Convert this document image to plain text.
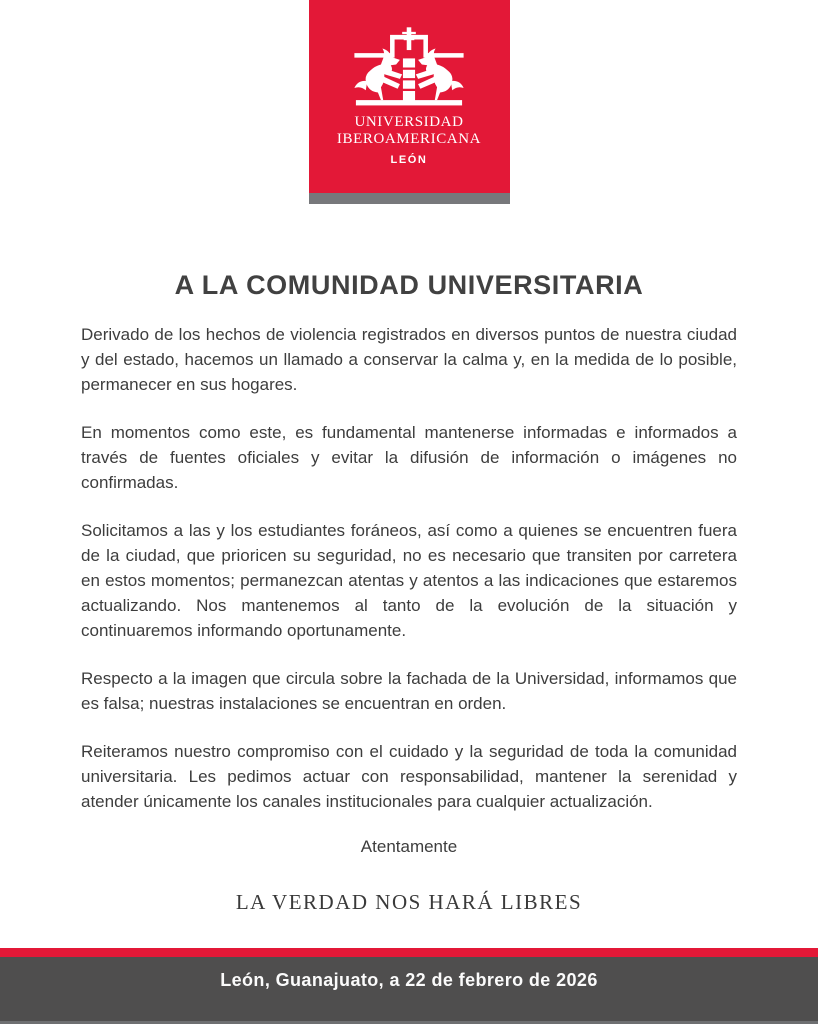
UNIVERSIDAD
IBEROAMERICANA
LEÓN
A LA COMUNIDAD UNIVERSITARIA

Derivado de los hechos de violencia registrados en diversos puntos de nuestra ciudad y del estado, hacemos un llamado a conservar la calma y, en la medida de lo posible, permanecer en sus hogares.

En momentos como este, es fundamental mantenerse informadas e informados a través de fuentes oficiales y evitar la difusión de información o imágenes no confirmadas.

Solicitamos a las y los estudiantes foráneos, así como a quienes se encuentren fuera de la ciudad, que prioricen su seguridad, no es necesario que transiten por carretera en estos momentos; permanezcan atentas y atentos a las indicaciones que estaremos actualizando. Nos mantenemos al tanto de la evolución de la situación y continuaremos informando oportunamente.

Respecto a la imagen que circula sobre la fachada de la Universidad, informamos que es falsa; nuestras instalaciones se encuentran en orden.

Reiteramos nuestro compromiso con el cuidado y la seguridad de toda la comunidad universitaria. Les pedimos actuar con responsabilidad, mantener la serenidad y atender únicamente los canales institucionales para cualquier actualización.

Atentamente

LA VERDAD NOS HARÁ LIBRES

León, Guanajuato, a 22 de febrero de 2026
